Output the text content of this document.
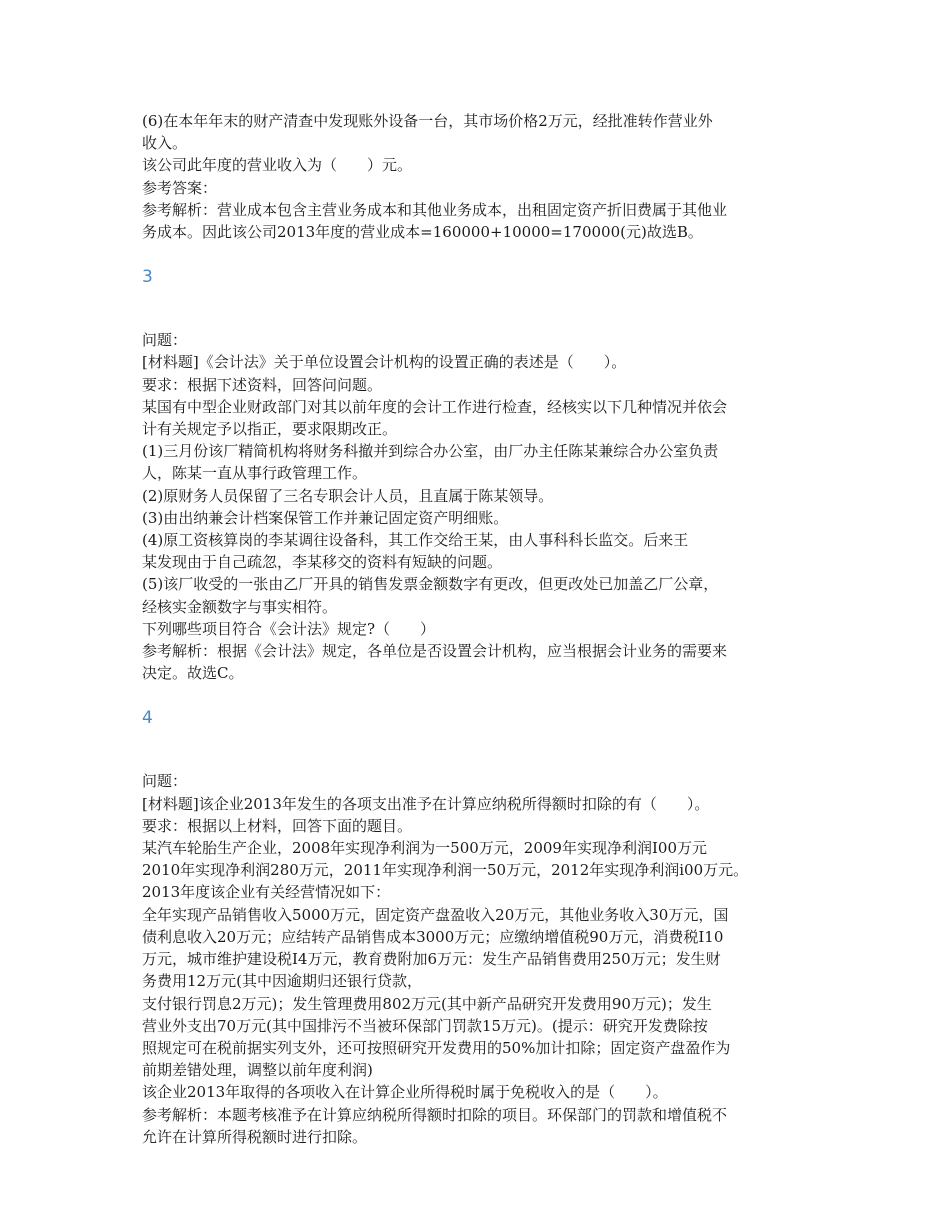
(6)在本年年末的财产清查中发现账外设备一台，其市场价格2万元，经批准转作营业外
收入。
该公司此年度的营业收入为（　　）元。
参考答案：
参考解析：营业成本包含主营业务成本和其他业务成本，出租固定资产折旧费属于其他业
务成本。因此该公司2013年度的营业成本=160000+10000=170000(元)故选B。
3
问题：
[材料题]《会计法》关于单位设置会计机构的设置正确的表述是（　　）。
要求：根据下述资料，回答问问题。
某国有中型企业财政部门对其以前年度的会计工作进行检查，经核实以下几种情况并依会
计有关规定予以指正，要求限期改正。
(1)三月份该厂精简机构将财务科撤并到综合办公室，由厂办主任陈某兼综合办公室负责
人，陈某一直从事行政管理工作。
(2)原财务人员保留了三名专职会计人员，且直属于陈某领导。
(3)由出纳兼会计档案保管工作并兼记固定资产明细账。
(4)原工资核算岗的李某调往设备科，其工作交给王某，由人事科科长监交。后来王
某发现由于自己疏忽，李某移交的资料有短缺的问题。
(5)该厂收受的一张由乙厂开具的销售发票金额数字有更改，但更改处已加盖乙厂公章，
经核实金额数字与事实相符。
下列哪些项目符合《会计法》规定?（　　）
参考解析：根据《会计法》规定，各单位是否设置会计机构，应当根据会计业务的需要来
决定。故选C。
4
问题：
[材料题]该企业2013年发生的各项支出准予在计算应纳税所得额时扣除的有（　　）。
要求：根据以上材料，回答下面的题目。
某汽车轮胎生产企业，2008年实现净利润为一500万元，2009年实现净利润I00万元
2010年实现净利润280万元，2011年实现净利润一50万元，2012年实现净利润i00万元。
2013年度该企业有关经营情况如下：
全年实现产品销售收入5000万元，固定资产盘盈收入20万元，其他业务收入30万元，国
债利息收入20万元；应结转产品销售成本3000万元；应缴纳增值税90万元，消费税I10
万元，城市维护建设税I4万元，教育费附加6万元：发生产品销售费用250万元；发生财
务费用12万元(其中因逾期归还银行贷款，
支付银行罚息2万元)；发生管理费用802万元(其中新产品研究开发费用90万元)；发生
营业外支出70万元(其中国排污不当被环保部门罚款15万元)。(提示：研究开发费除按
照规定可在税前据实列支外，还可按照研究开发费用的50%加计扣除；固定资产盘盈作为
前期差错处理，调整以前年度利润)
该企业2013年取得的各项收入在计算企业所得税时属于免税收入的是（　　）。
参考解析：本题考核准予在计算应纳税所得额时扣除的项目。环保部门的罚款和增值税不
允许在计算所得税额时进行扣除。
